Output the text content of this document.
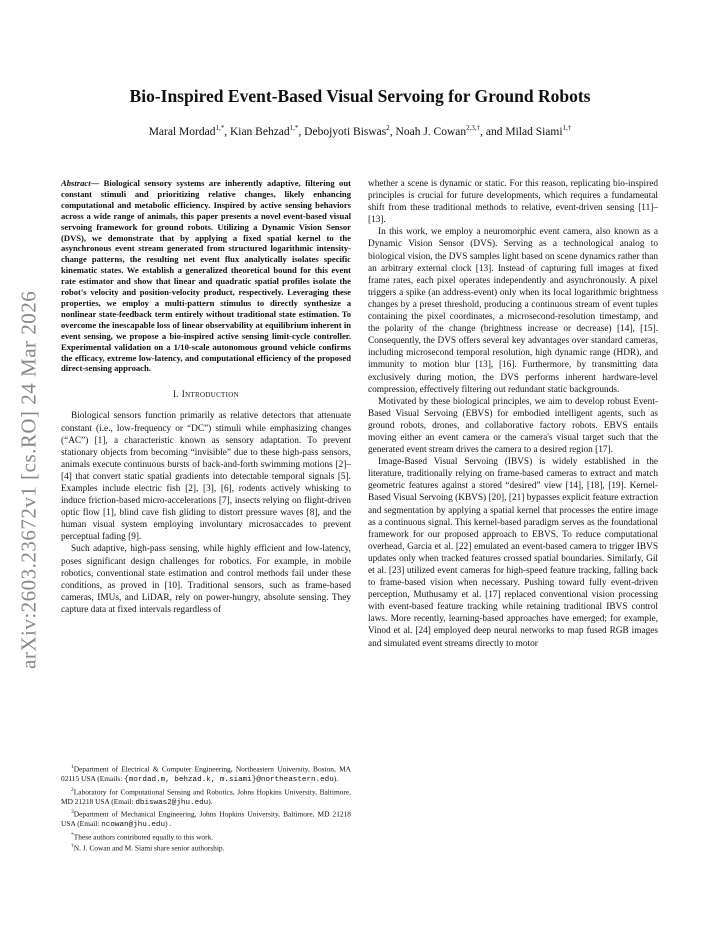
arXiv:2603.23672v1 [cs.RO] 24 Mar 2026
Bio-Inspired Event-Based Visual Servoing for Ground Robots
Maral Mordad$^{1,*}$, Kian Behzad$^{1,*}$, Debojyoti Biswas$^2$, Noah J. Cowan$^{2,3,\dagger}$, and Milad Siami$^{1,\dagger}$
Abstract— Biological sensory systems are inherently adaptive, filtering out constant stimuli and prioritizing relative changes, likely enhancing computational and metabolic efficiency. Inspired by active sensing behaviors across a wide range of animals, this paper presents a novel event-based visual servoing framework for ground robots. Utilizing a Dynamic Vision Sensor (DVS), we demonstrate that by applying a fixed spatial kernel to the asynchronous event stream generated from structured logarithmic intensity-change patterns, the resulting net event flux analytically isolates specific kinematic states. We establish a generalized theoretical bound for this event rate estimator and show that linear and quadratic spatial profiles isolate the robot's velocity and position-velocity product, respectively. Leveraging these properties, we employ a multi-pattern stimulus to directly synthesize a nonlinear state-feedback term entirely without traditional state estimation. To overcome the inescapable loss of linear observability at equilibrium inherent in event sensing, we propose a bio-inspired active sensing limit-cycle controller. Experimental validation on a 1/10-scale autonomous ground vehicle confirms the efficacy, extreme low-latency, and computational efficiency of the proposed direct-sensing approach.
I. Introduction

Biological sensors function primarily as relative detectors that attenuate constant (i.e., low-frequency or “DC”) stimuli while emphasizing changes (“AC”) [1], a characteristic known as sensory adaptation. To prevent stationary objects from becoming “invisible” due to these high-pass sensors, animals execute continuous bursts of back-and-forth swimming motions [2]–[4] that convert static spatial gradients into detectable temporal signals [5]. Examples include electric fish [2], [3], [6], rodents actively whisking to induce friction-based micro-accelerations [7], insects relying on flight-driven optic flow [1], blind cave fish gliding to distort pressure waves [8], and the human visual system employing involuntary microsaccades to prevent perceptual fading [9].

Such adaptive, high-pass sensing, while highly efficient and low-latency, poses significant design challenges for robotics. For example, in mobile robotics, conventional state estimation and control methods fail under these conditions, as proved in [10]. Traditional sensors, such as frame-based cameras, IMUs, and LiDAR, rely on power-hungry, absolute sensing. They capture data at fixed intervals regardless of

$^1$Department of Electrical & Computer Engineering, Northeastern University, Boston, MA 02115 USA (Emails: {mordad.m, behzad.k, m.siami}@northeastern.edu).
$^2$Laboratory for Computational Sensing and Robotics, Johns Hopkins University, Baltimore, MD 21218 USA (Email: dbiswas2@jhu.edu).
$^3$Department of Mechanical Engineering, Johns Hopkins University, Baltimore, MD 21218 USA (Email: ncowan@jhu.edu) .
*These authors contributed equally to this work.
†N. J. Cowan and M. Siami share senior authorship.

whether a scene is dynamic or static. For this reason, replicating bio-inspired principles is crucial for future developments, which requires a fundamental shift from these traditional methods to relative, event-driven sensing [11]–[13].

In this work, we employ a neuromorphic event camera, also known as a Dynamic Vision Sensor (DVS). Serving as a technological analog to biological vision, the DVS samples light based on scene dynamics rather than an arbitrary external clock [13]. Instead of capturing full images at fixed frame rates, each pixel operates independently and asynchronously. A pixel triggers a spike (an address-event) only when its local logarithmic brightness changes by a preset threshold, producing a continuous stream of event tuples containing the pixel coordinates, a microsecond-resolution timestamp, and the polarity of the change (brightness increase or decrease) [14], [15]. Consequently, the DVS offers several key advantages over standard cameras, including microsecond temporal resolution, high dynamic range (HDR), and immunity to motion blur [13], [16]. Furthermore, by transmitting data exclusively during motion, the DVS performs inherent hardware-level compression, effectively filtering out redundant static backgrounds.

Motivated by these biological principles, we aim to develop robust Event-Based Visual Servoing (EBVS) for embodied intelligent agents, such as ground robots, drones, and collaborative factory robots. EBVS entails moving either an event camera or the camera's visual target such that the generated event stream drives the camera to a desired region [17].

Image-Based Visual Servoing (IBVS) is widely established in the literature, traditionally relying on frame-based cameras to extract and match geometric features against a stored “desired” view [14], [18], [19]. Kernel-Based Visual Servoing (KBVS) [20], [21] bypasses explicit feature extraction and segmentation by applying a spatial kernel that processes the entire image as a continuous signal. This kernel-based paradigm serves as the foundational framework for our proposed approach to EBVS. To reduce computational overhead, Garcia et al. [22] emulated an event-based camera to trigger IBVS updates only when tracked features crossed spatial boundaries. Similarly, Gil et al. [23] utilized event cameras for high-speed feature tracking, falling back to frame-based vision when necessary. Pushing toward fully event-driven perception, Muthusamy et al. [17] replaced conventional vision processing with event-based feature tracking while retaining traditional IBVS control laws. More recently, learning-based approaches have emerged; for example, Vinod et al. [24] employed deep neural networks to map fused RGB images and simulated event streams directly to motor
